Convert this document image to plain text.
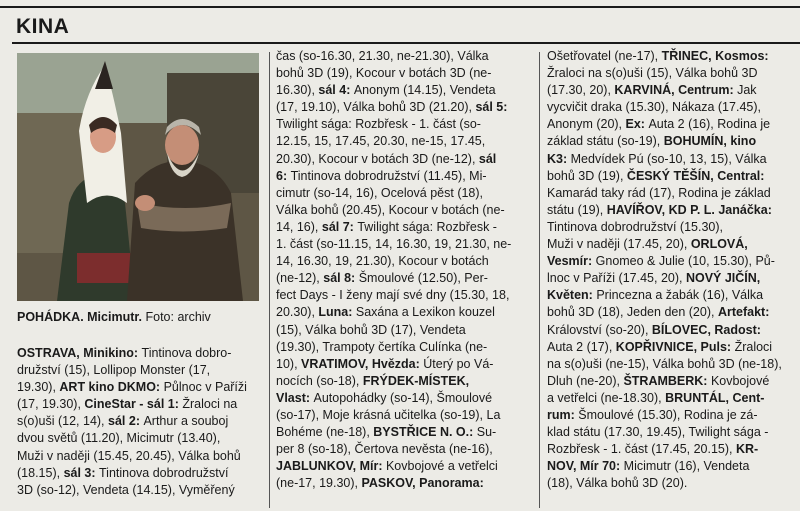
KINA
POHÁDKA. Micimutr. Foto: archiv
OSTRAVA, Minikino: Tintinova dobro-
družství (15), Lollipop Monster (17,
19.30), ART kino DKMO: Půlnoc v Paříži
(17, 19.30), CineStar - sál 1: Žraloci na
s(o)uši (12, 14), sál 2: Arthur a souboj
dvou světů (11.20), Micimutr (13.40),
Muži v naději (15.45, 20.45), Válka bohů
(18.15), sál 3: Tintinova dobrodružství
3D (so-12), Vendeta (14.15), Vyměřený
čas (so-16.30, 21.30, ne-21.30), Válka
bohů 3D (19), Kocour v botách 3D (ne-
16.30), sál 4: Anonym (14.15), Vendeta
(17, 19.10), Válka bohů 3D (21.20), sál 5:
Twilight sága: Rozbřesk - 1. část (so-
12.15, 15, 17.45, 20.30, ne-15, 17.45,
20.30), Kocour v botách 3D (ne-12), sál
6: Tintinova dobrodružství (11.45), Mi-
cimutr (so-14, 16), Ocelová pěst (18),
Válka bohů (20.45), Kocour v botách (ne-
14, 16), sál 7: Twilight sága: Rozbřesk -
1. část (so-11.15, 14, 16.30, 19, 21.30, ne-
14, 16.30, 19, 21.30), Kocour v botách
(ne-12), sál 8: Šmoulové (12.50), Per-
fect Days - I ženy mají své dny (15.30, 18,
20.30), Luna: Saxána a Lexikon kouzel
(15), Válka bohů 3D (17), Vendeta
(19.30), Trampoty čertíka Culínka (ne-
10), VRATIMOV, Hvězda: Úterý po Vá-
nocích (so-18), FRÝDEK-MÍSTEK,
Vlast: Autopohádky (so-14), Šmoulové
(so-17), Moje krásná učitelka (so-19), La
Bohéme (ne-18), BYSTŘICE N. O.: Su-
per 8 (so-18), Čertova nevěsta (ne-16),
JABLUNKOV, Mír: Kovbojové a vetřelci
(ne-17, 19.30), PASKOV, Panorama:
Ošetřovatel (ne-17), TŘINEC, Kosmos:
Žraloci na s(o)uši (15), Válka bohů 3D
(17.30, 20), KARVINÁ, Centrum: Jak
vycvičit draka (15.30), Nákaza (17.45),
Anonym (20), Ex: Auta 2 (16), Rodina je
základ státu (so-19), BOHUMÍN, kino
K3: Medvídek Pú (so-10, 13, 15), Válka
bohů 3D (19), ČESKÝ TĚŠÍN, Central:
Kamarád taky rád (17), Rodina je základ
státu (19), HAVÍŘOV, KD P. L. Janáčka:
Tintinova dobrodružství (15.30),
Muži v naději (17.45, 20), ORLOVÁ,
Vesmír: Gnomeo & Julie (10, 15.30), Pů-
lnoc v Paříži (17.45, 20), NOVÝ JIČÍN,
Květen: Princezna a žabák (16), Válka
bohů 3D (18), Jeden den (20), Artefakt:
Království (so-20), BÍLOVEC, Radost:
Auta 2 (17), KOPŘIVNICE, Puls: Žraloci
na s(o)uši (ne-15), Válka bohů 3D (ne-18),
Dluh (ne-20), ŠTRAMBERK: Kovbojové
a vetřelci (ne-18.30), BRUNTÁL, Cent-
rum: Šmoulové (15.30), Rodina je zá-
klad státu (17.30, 19.45), Twilight sága -
Rozbřesk - 1. část (17.45, 20.15), KR-
NOV, Mír 70: Micimutr (16), Vendeta
(18), Válka bohů 3D (20).
